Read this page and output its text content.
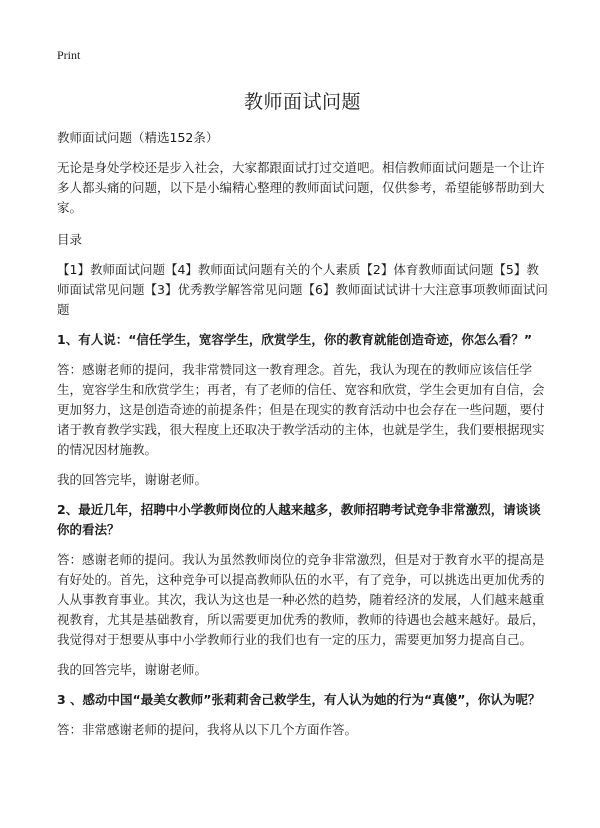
Print
教师面试问题

教师面试问题（精选152条）

无论是身处学校还是步入社会，大家都跟面试打过交道吧。相信教师面试问题是一个让许多人都头痛的问题，以下是小编精心整理的教师面试问题，仅供参考，希望能够帮助到大家。

目录

【1】教师面试问题【4】教师面试问题有关的个人素质【2】体育教师面试问题【5】教师面试常见问题【3】优秀教学解答常见问题【6】教师面试试讲十大注意事项教师面试问题

1、有人说：“信任学生，宽容学生，欣赏学生，你的教育就能创造奇迹，你怎么看？”

答：感谢老师的提问，我非常赞同这一教育理念。首先，我认为现在的教师应该信任学生，宽容学生和欣赏学生；再者，有了老师的信任、宽容和欣赏，学生会更加有自信，会更加努力，这是创造奇迹的前提条件；但是在现实的教育活动中也会存在一些问题，要付诸于教育教学实践，很大程度上还取决于教学活动的主体，也就是学生，我们要根据现实的情况因材施教。

我的回答完毕，谢谢老师。

2、最近几年，招聘中小学教师岗位的人越来越多，教师招聘考试竞争非常激烈，请谈谈你的看法？

答：感谢老师的提问。我认为虽然教师岗位的竞争非常激烈，但是对于教育水平的提高是有好处的。首先，这种竞争可以提高教师队伍的水平，有了竞争，可以挑选出更加优秀的人从事教育事业。其次，我认为这也是一种必然的趋势，随着经济的发展，人们越来越重视教育，尤其是基础教育，所以需要更加优秀的教师，教师的待遇也会越来越好。最后，我觉得对于想要从事中小学教师行业的我们也有一定的压力，需要更加努力提高自己。

我的回答完毕，谢谢老师。

3 、感动中国“最美女教师”张莉莉舍己救学生，有人认为她的行为“真傻”，你认为呢？

答：非常感谢老师的提问，我将从以下几个方面作答。
